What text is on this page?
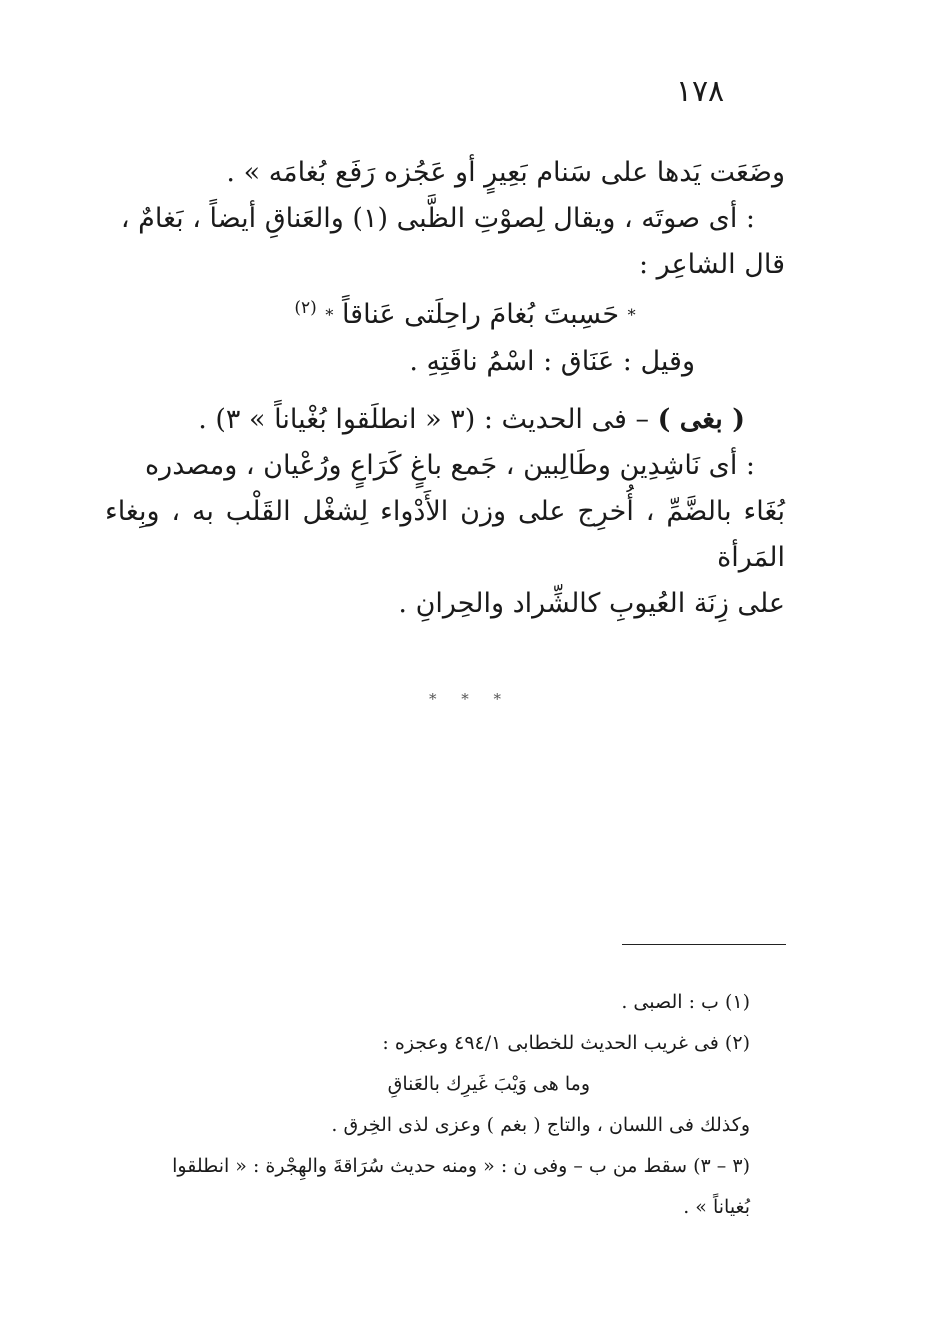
١٧٨

وضَعَت يَدها على سَنام بَعِيرٍ أو عَجُزه رَفَع بُغامَه » .

: أى صوتَه ، ويقال لِصوْتِ الظَّبى (١) والعَناقِ أيضاً ، بَغامٌ ،

قال الشاعِر :

* حَسِبتَ بُغامَ راحِلَتى عَناقاً * $^{(٢)}$

وقيل : عَنَاق : اسْمُ ناقَتِهِ .

( بغى ) – فى الحديث : (٣ « انطلَقوا بُغْياناً » ٣) .

: أى نَاشِدِين وطَالِبين ، جَمع باغٍ كَرَاعٍ ورُعْيان ، ومصدره

بُغَاء بالضَّمِّ ، أُخرِج على وزن الأَدْواء لِشغْل القَلْب به ، وبِغاء المَرأة

على زِنَة العُيوبِ كالشِّراد والحِرانِ .

* * *

(١) ب : الصبى .

(٢) فى غريب الحديث للخطابى ٤٩٤/١ وعجزه :

وما هى وَيْبَ غَيرِك بالعَناقِ

وكذلك فى اللسان ، والتاج ( بغم ) وعزى لذى الخِرق .

(٣ – ٣) سقط من ب – وفى ن : « ومنه حديث سُرَاقةَ والهِجْرة : « انطلقوا

بُغياناً » .
